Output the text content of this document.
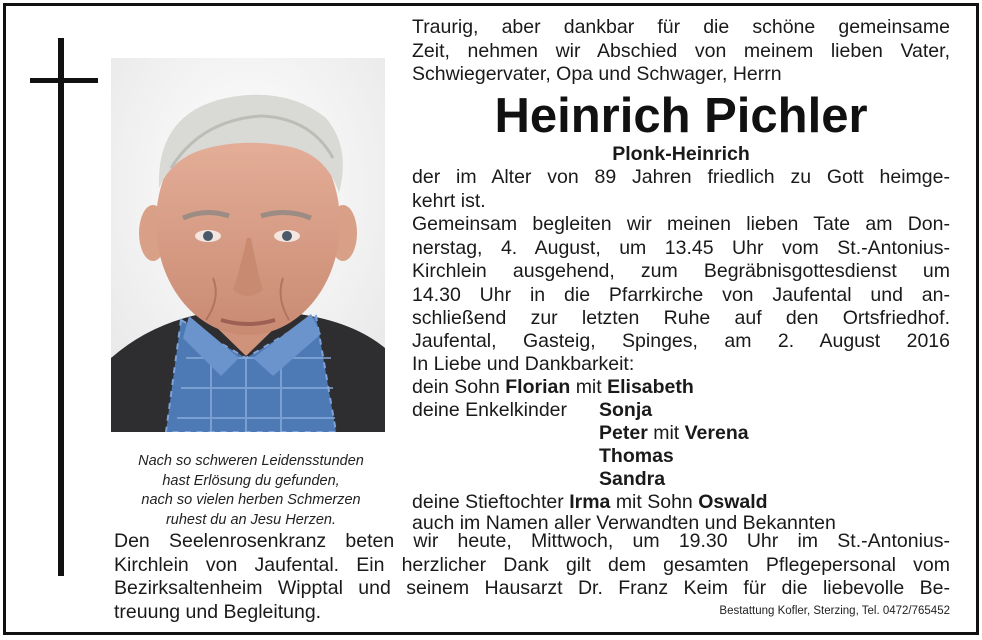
Nach so schweren Leidensstunden
hast Erlösung du gefunden,
nach so vielen herben Schmerzen
ruhest du an Jesu Herzen.
Traurig, aber dankbar für die schöne gemeinsame
Zeit, nehmen wir Abschied von meinem lieben Vater,
Schwiegervater, Opa und Schwager, Herrn
Heinrich Pichler
Plonk-Heinrich
der im Alter von 89 Jahren friedlich zu Gott heimge-
kehrt ist.
Gemeinsam begleiten wir meinen lieben Tate am Don-
nerstag, 4. August, um 13.45 Uhr vom St.-Antonius-
Kirchlein ausgehend, zum Begräbnisgottesdienst um
14.30 Uhr in die Pfarrkirche von Jaufental und an-
schließend zur letzten Ruhe auf den Ortsfriedhof.
Jaufental, Gasteig, Spinges, am 2. August 2016
In Liebe und Dankbarkeit:
dein Sohn Florian mit Elisabeth
deine Enkelkinder	Sonja
Peter mit Verena
Thomas
Sandra
deine Stieftochter Irma mit Sohn Oswald
auch im Namen aller Verwandten und Bekannten
Den Seelenrosenkranz beten wir heute, Mittwoch, um 19.30 Uhr im St.-Antonius-
Kirchlein von Jaufental. Ein herzlicher Dank gilt dem gesamten Pflegepersonal vom
Bezirksaltenheim Wipptal und seinem Hausarzt Dr. Franz Keim für die liebevolle Be-
treuung und Begleitung.	Bestattung Kofler, Sterzing, Tel. 0472/765452
